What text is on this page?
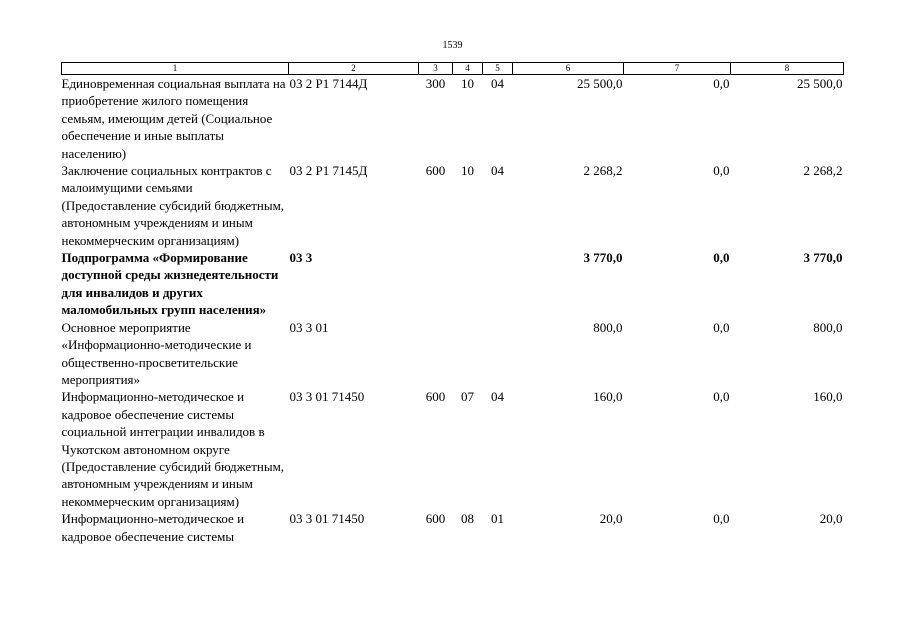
1539
1	2	3	4	5	6	7	8
Единовременная социальная выплата на приобретение жилого помещения семьям, имеющим детей (Социальное обеспечение и иные выплаты населению)	03 2 Р1 7144Д	300	10	04	25 500,0	0,0	25 500,0
Заключение социальных контрактов с малоимущими семьями (Предоставление субсидий бюджетным, автономным учреждениям и иным некоммерческим организациям)	03 2 Р1 7145Д	600	10	04	2 268,2	0,0	2 268,2
Подпрограмма «Формирование доступной среды жизнедеятельности для инвалидов и других маломобильных групп населения»	03 3				3 770,0	0,0	3 770,0
Основное мероприятие «Информационно-методические и общественно-просветительские мероприятия»	03 3 01				800,0	0,0	800,0
Информационно-методическое и кадровое обеспечение системы социальной интеграции инвалидов в Чукотском автономном округе (Предоставление субсидий бюджетным, автономным учреждениям и иным некоммерческим организациям)	03 3 01 71450	600	07	04	160,0	0,0	160,0
Информационно-методическое и кадровое обеспечение системы	03 3 01 71450	600	08	01	20,0	0,0	20,0
